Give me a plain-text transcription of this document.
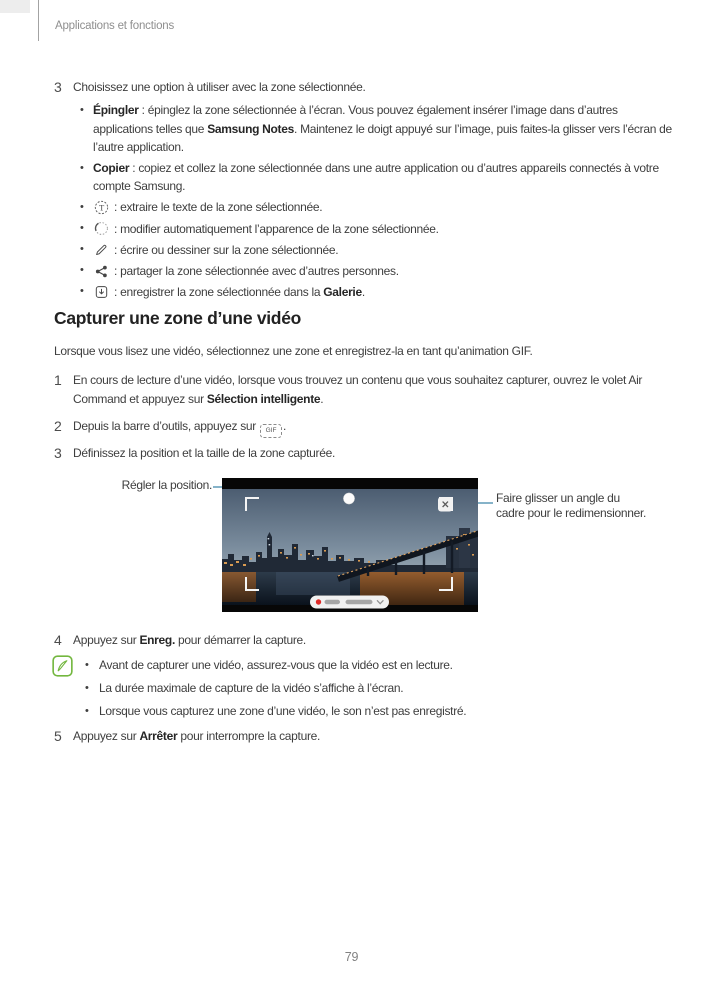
Applications et fonctions
3 Choisissez une option à utiliser avec la zone sélectionnée.

• Épingler : épinglez la zone sélectionnée à l’écran. Vous pouvez également insérer l’image dans d’autres applications telles que Samsung Notes. Maintenez le doigt appuyé sur l’image, puis faites-la glisser vers l’écran de l’autre application.

• Copier : copiez et collez la zone sélectionnée dans une autre application ou d’autres appareils connectés à votre compte Samsung.

• T : extraire le texte de la zone sélectionnée.

• : modifier automatiquement l’apparence de la zone sélectionnée.

• : écrire ou dessiner sur la zone sélectionnée.

• : partager la zone sélectionnée avec d’autres personnes.

• : enregistrer la zone sélectionnée dans la Galerie.

Capturer une zone d’une vidéo

Lorsque vous lisez une vidéo, sélectionnez une zone et enregistrez-la en tant qu’animation GIF.

1 En cours de lecture d’une vidéo, lorsque vous trouvez un contenu que vous souhaitez capturer, ouvrez le volet Air Command et appuyez sur Sélection intelligente.

2 Depuis la barre d’outils, appuyez sur GIF .

3 Définissez la position et la taille de la zone capturée.

Régler la position.
Faire glisser un angle du cadre pour le redimensionner.
4 Appuyez sur Enreg. pour démarrer la capture.

• Avant de capturer une vidéo, assurez-vous que la vidéo est en lecture.
• La durée maximale de capture de la vidéo s’affiche à l’écran.
• Lorsque vous capturez une zone d’une vidéo, le son n’est pas enregistré.
5 Appuyez sur Arrêter pour interrompre la capture.

79
